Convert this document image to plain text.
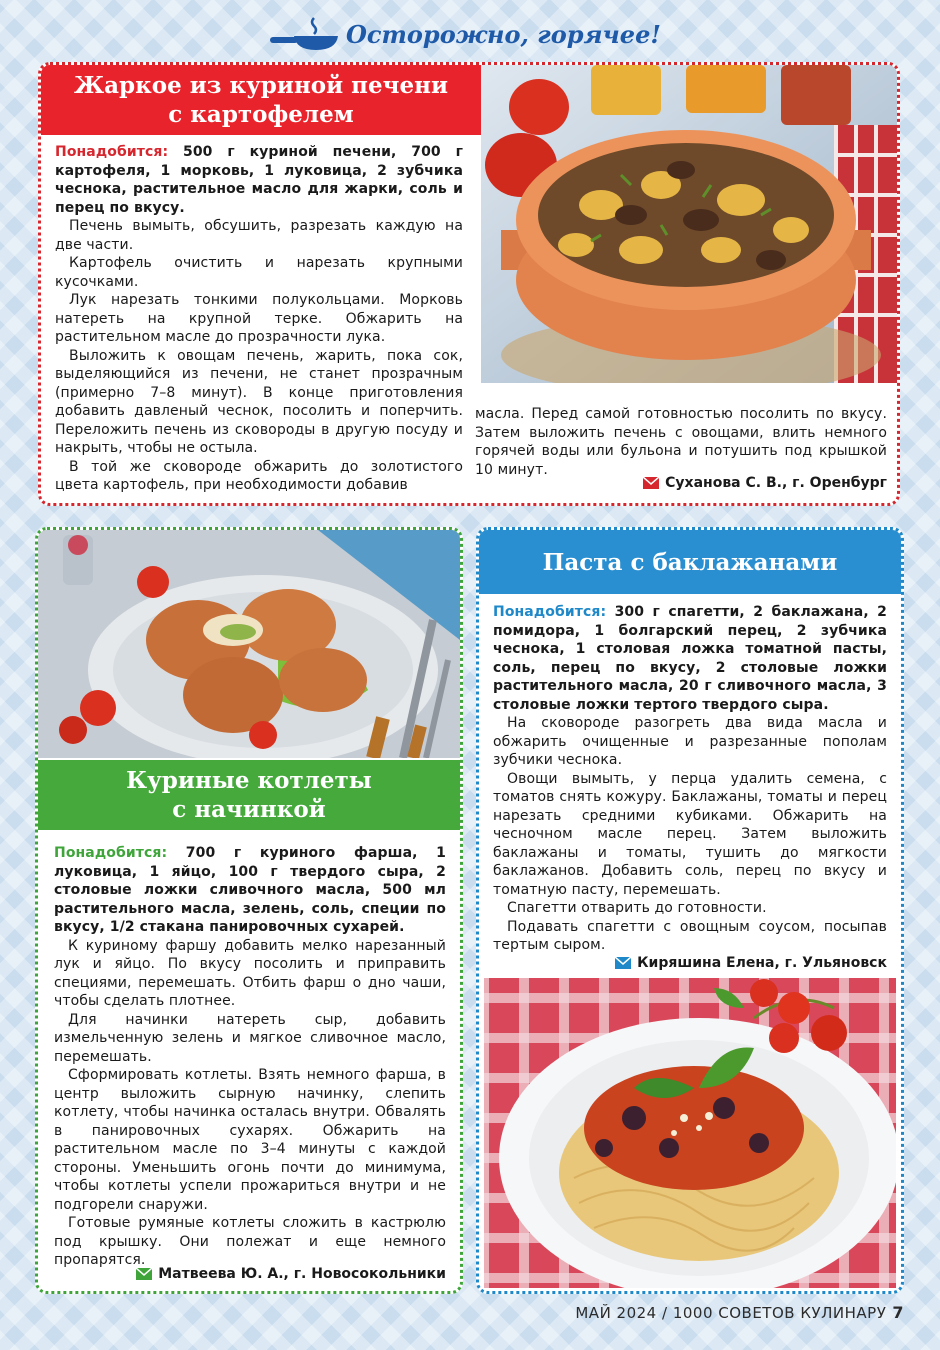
Осторожно, горячее!
Жаркое из куриной печени
с картофелем

Понадобится: 500 г куриной печени, 700 г картофеля, 1 морковь, 1 луковица, 2 зубчика чеснока, растительное масло для жарки, соль и перец по вкусу.

Печень вымыть, обсушить, разрезать каждую на две части.

Картофель очистить и нарезать крупными кусочками.

Лук нарезать тонкими полукольцами. Морковь натереть на крупной терке. Обжарить на растительном масле до прозрачности лука.

Выложить к овощам печень, жарить, пока сок, выделяющийся из печени, не станет прозрачным (примерно 7–8 минут). В конце приготовления добавить давленый чеснок, посолить и поперчить. Переложить печень из сковороды в другую посуду и накрыть, чтобы не остыла.

В той же сковороде обжарить до золотистого цвета картофель, при необходимости добавив

масла. Перед самой готовностью посолить по вкусу. Затем выложить печень с овощами, влить немного горячей воды или бульона и потушить под крышкой 10 минут.

Суханова С. В., г. Оренбург
Куриные котлеты
с начинкой

Понадобится: 700 г куриного фарша, 1 луковица, 1 яйцо, 100 г твердого сыра, 2 столовые ложки сливочного масла, 500 мл растительного масла, зелень, соль, специи по вкусу, 1/2 стакана панировочных сухарей.

К куриному фаршу добавить мелко нарезанный лук и яйцо. По вкусу посолить и приправить специями, перемешать. Отбить фарш о дно чаши, чтобы сделать плотнее.

Для начинки натереть сыр, добавить измельченную зелень и мягкое сливочное масло, перемешать.

Сформировать котлеты. Взять немного фарша, в центр выложить сырную начинку, слепить котлету, чтобы начинка осталась внутри. Обвалять в панировочных сухарях. Обжарить на растительном масле по 3–4 минуты с каждой стороны. Уменьшить огонь почти до минимума, чтобы котлеты успели прожариться внутри и не подгорели снаружи.

Готовые румяные котлеты сложить в кастрюлю под крышку. Они полежат и еще немного пропарятся.

Матвеева Ю. А., г. Новосокольники
Паста с баклажанами

Понадобится: 300 г спагетти, 2 баклажана, 2 помидора, 1 болгарский перец, 2 зубчика чеснока, 1 столовая ложка томатной пасты, соль, перец по вкусу, 2 столовые ложки растительного масла, 20 г сливочного масла, 3 столовые ложки тертого твердого сыра.

На сковороде разогреть два вида масла и обжарить очищенные и разрезанные пополам зубчики чеснока.

Овощи вымыть, у перца удалить семена, с томатов снять кожуру. Баклажаны, томаты и перец нарезать средними кубиками. Обжарить на чесночном масле перец. Затем выложить баклажаны и томаты, тушить до мягкости баклажанов. Добавить соль, перец по вкусу и томатную пасту, перемешать.

Спагетти отварить до готовности.

Подавать спагетти с овощным соусом, посыпав тертым сыром.

Киряшина Елена, г. Ульяновск
МАЙ 2024 / 1000 СОВЕТОВ КУЛИНАРУ 7
